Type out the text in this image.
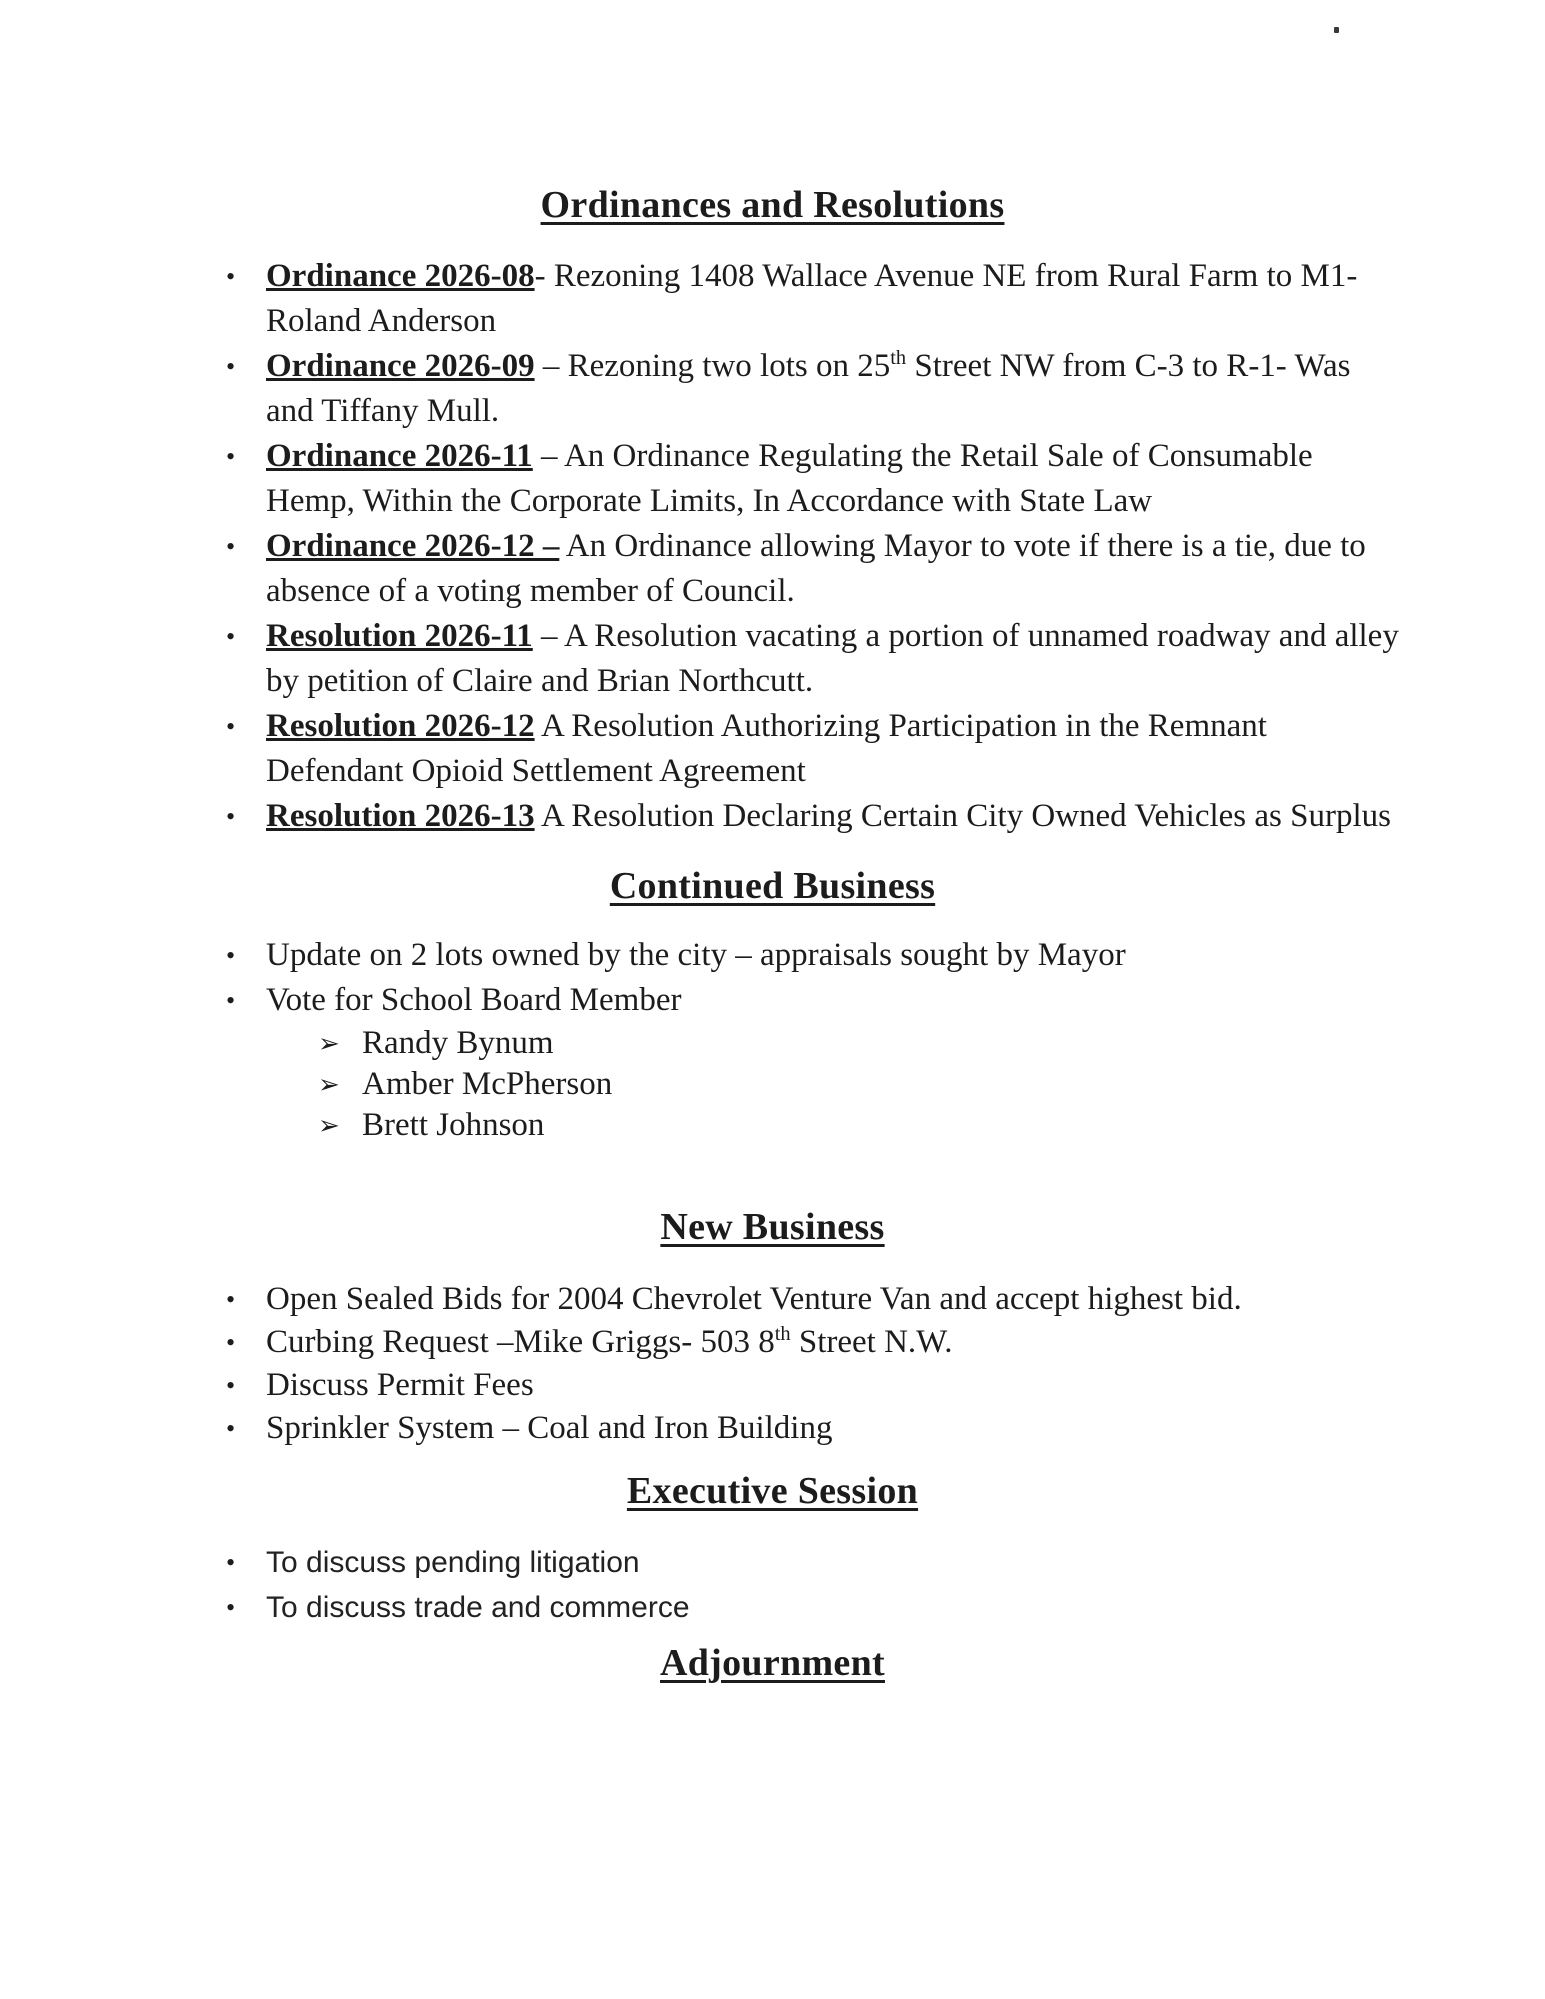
Ordinances and Resolutions
• Ordinance 2026-08- Rezoning 1408 Wallace Avenue NE from Rural Farm to M1-Roland Anderson
• Ordinance 2026-09 – Rezoning two lots on 25th Street NW from C-3 to R-1- Was and Tiffany Mull.
• Ordinance 2026-11 – An Ordinance Regulating the Retail Sale of Consumable Hemp, Within the Corporate Limits, In Accordance with State Law
• Ordinance 2026-12 – An Ordinance allowing Mayor to vote if there is a tie, due to absence of a voting member of Council.
• Resolution 2026-11 – A Resolution vacating a portion of unnamed roadway and alley by petition of Claire and Brian Northcutt.
• Resolution 2026-12 A Resolution Authorizing Participation in the Remnant Defendant Opioid Settlement Agreement
• Resolution 2026-13 A Resolution Declaring Certain City Owned Vehicles as Surplus
Continued Business
• Update on 2 lots owned by the city – appraisals sought by Mayor
• Vote for School Board Member
➢ Randy Bynum
➢ Amber McPherson
➢ Brett Johnson
New Business
• Open Sealed Bids for 2004 Chevrolet Venture Van and accept highest bid.
• Curbing Request –Mike Griggs- 503 8th Street N.W.
• Discuss Permit Fees
• Sprinkler System – Coal and Iron Building
Executive Session
• To discuss pending litigation
• To discuss trade and commerce
Adjournment
